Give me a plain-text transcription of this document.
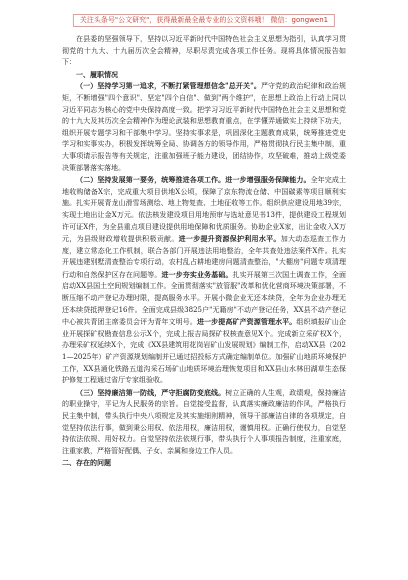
关注头条号"公文研究"，获得最新最全最专业的公文资料哦！ 微信：gongwen1

在县委的坚强领导下，坚持以习近平新时代中国特色社会主义思想为指引，认真学习贯彻党的十九大、十九届历次全会精神，尽职尽责完成各项工作任务。现将具体情况报告如下：

一、履职情况

（一）坚持学习第一追求，不断打紧管理想信念"总开关"。严守党的政治纪律和政治规矩，不断增强"四个意识"、坚定"四个自信"、做到"两个维护"，在思想上政治上行动上同以习近平同志为核心的党中央保持高度一致。把学习习近平新时代中国特色社会主义思想和党的十九大及其历次全会精神作为理论武装和思想教育重点，在学懂弄通做实上持续下功夫，组织开展专题学习和干部集中学习。坚持实事求是，巩固深化主题教育成果，统筹推进党史学习和实事实办，积极发挥统筹全局、协调各方的领导作用，严格贯彻执行民主集中制，重大事项请示报告等有关规定，注重加强班子能力建设，团结协作，攻坚破难，推动上级党委决策部署落实落地。

（二）坚持发展第一要务，统筹推进各项工作。进一步增强服务保障能力。全年完成土地收购储备X宗，完成重大项目供地X公顷，保障了京东物流仓储、中国碳素等项目顺利实施。扎实开展青龙山滑雪场测绘、地上物复查、土地征收等工作。组织供应建设用地39宗，实现土地出让金X万元。依法核发建设项目用地预审与选址意见书13件，提供建设工程规划许可证X件，为全县重点项目建设提供用地保障和优质服务。协助企业X家，出让金收入X万元，为县级财政增收提供积极贡献。进一步提升资源保护利用水平。加大动态巡查工作力度，建立常态化工作机制，联合各部门开展违法用地整治，全年共查处违法案件X件。扎实开展违建别墅清查整治专项行动，农村乱占耕地建房问题清查整治，"大棚房"问题专项清理行动和自然保护区存在问题等。进一步夯实业务基础。扎实开展第三次国土调查工作，全面启动XX县国土空间规划编制工作。全面贯彻落实"放管服"改革和优化营商环境决策部署，不断压缩不动产登记办理时限，提高服务水平。开展小微企业无还本续贷，全年为企业办理无还本续贷抵押登记16件。全面完成县级3825户"无籍房"不动产登记任务，XX县不动产登记中心被共青团主席委员会评为青年文明号。进一步提高矿产资源管理水平。组织填报矿山企业开展探矿权勘查信息公示X个，完成上报吉局探矿权核查意见X个。完成新立采矿权X个，办理采矿权延续X个，完成《XX县建筑用花岗岩矿山发展规划》编制工作，启动XX县（2021—2025年）矿产资源规划编制并已通过招投标方式确定编制单位。加强矿山地质环境保护工作，XX县通化铁路五道沟采石场矿山地质环境治理恢复项目和XX县山水林田湖草生态保护修复工程通过省厅专家组验收。

（三）坚持廉洁第一防线，严守拒腐防变底线。树立正确的人生观，政绩观，保持廉洁的职业操守，平记为人民服务的宗旨。自觉接受监督，认真落实廉政廉洁的作风，严格执行民主集中制，带头执行中央八项规定及其实施细则精神，领导干部廉洁自律的各项规定，自觉坚持依法行事，做到秉公用权、依法用权，廉洁用权，谨慎用权。正确行使权力，自觉坚持依法依规、用好权力。自觉坚持依法依规行事，带头执行个人事项报告制度，注重家庭，注重家教，严格管好配偶、子女、亲属和身边工作人员。

二、存在的问题
